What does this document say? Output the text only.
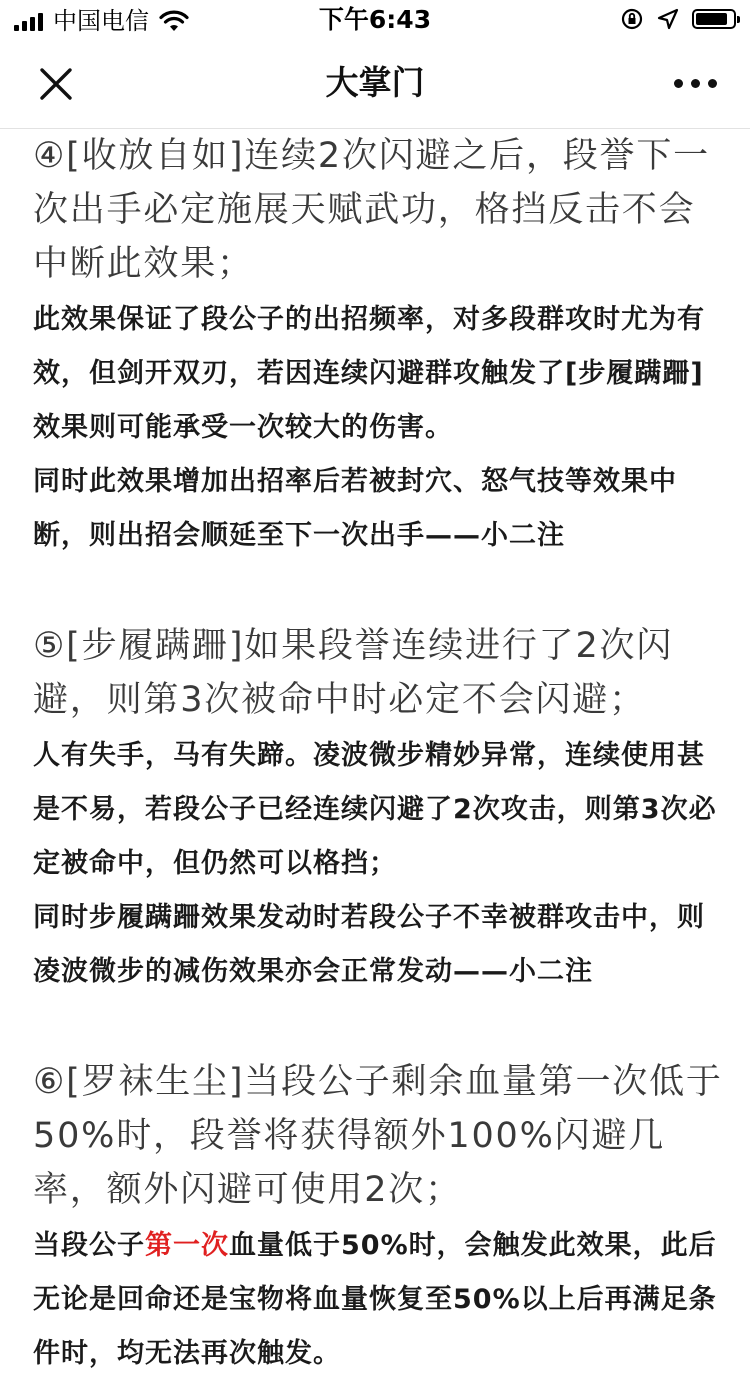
中国电信	下午6:43
大掌门

④[收放自如]连续2次闪避之后，段誉下一次出手必定施展天赋武功，格挡反击不会中断此效果；

此效果保证了段公子的出招频率，对多段群攻时尤为有效，但剑开双刃，若因连续闪避群攻触发了[步履蹒跚]效果则可能承受一次较大的伤害。

同时此效果增加出招率后若被封穴、怒气技等效果中断，则出招会顺延至下一次出手——小二注

⑤[步履蹒跚]如果段誉连续进行了2次闪避，则第3次被命中时必定不会闪避；

人有失手，马有失蹄。凌波微步精妙异常，连续使用甚是不易，若段公子已经连续闪避了2次攻击，则第3次必定被命中，但仍然可以格挡；

同时步履蹒跚效果发动时若段公子不幸被群攻击中，则凌波微步的减伤效果亦会正常发动——小二注

⑥[罗袜生尘]当段公子剩余血量第一次低于50%时，段誉将获得额外100%闪避几率，额外闪避可使用2次；

当段公子第一次血量低于50%时，会触发此效果，此后无论是回命还是宝物将血量恢复至50%以上后再满足条件时，均无法再次触发。
